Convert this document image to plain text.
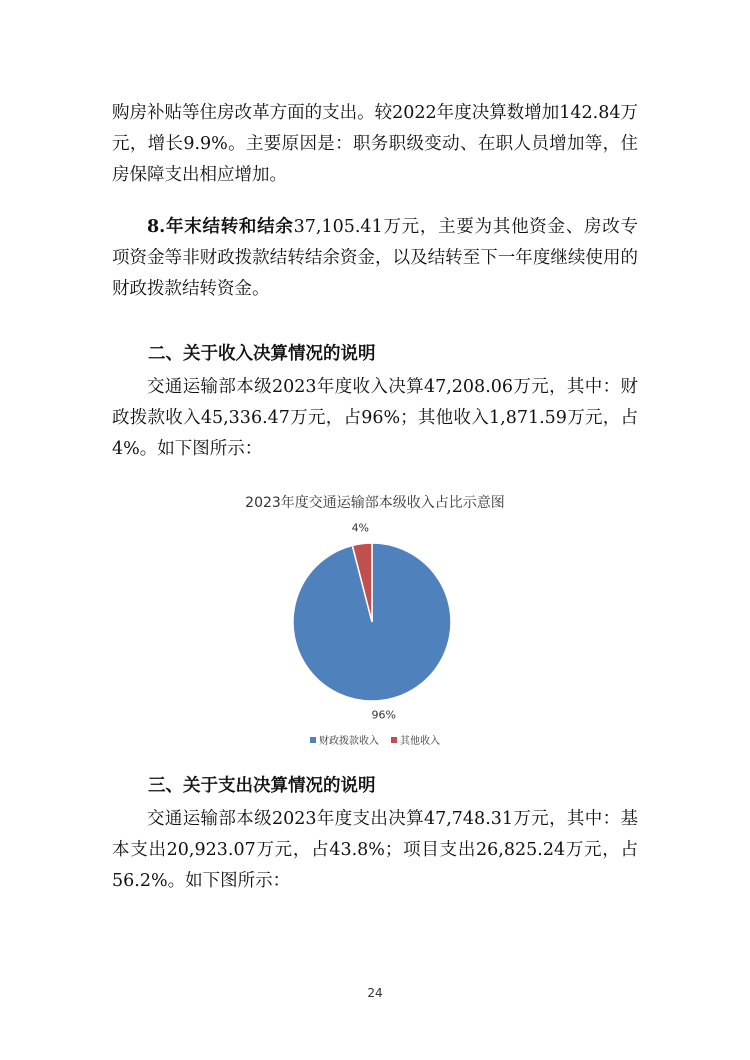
购房补贴等住房改革方面的支出。较2022年度决算数增加142.84万元，增长9.9%。主要原因是：职务职级变动、在职人员增加等，住房保障支出相应增加。

8.年末结转和结余37,105.41万元，主要为其他资金、房改专项资金等非财政拨款结转结余资金，以及结转至下一年度继续使用的财政拨款结转资金。

二、关于收入决算情况的说明

交通运输部本级2023年度收入决算47,208.06万元，其中：财政拨款收入45,336.47万元，占96%；其他收入1,871.59万元，占4%。如下图所示：

2023年度交通运输部本级收入占比示意图
96%
4%
财政拨款收入 其他收入
三、关于支出决算情况的说明

交通运输部本级2023年度支出决算47,748.31万元，其中：基本支出20,923.07万元，占43.8%；项目支出26,825.24万元，占56.2%。如下图所示：

24
